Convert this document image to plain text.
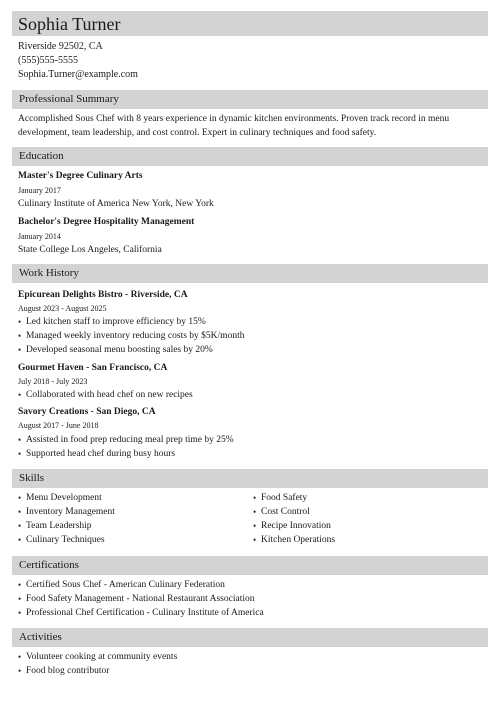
Sophia Turner
Riverside 92502, CA
(555)555-5555
Sophia.Turner@example.com
Professional Summary
Accomplished Sous Chef with 8 years experience in dynamic kitchen environments. Proven track record in menu development, team leadership, and cost control. Expert in culinary techniques and food safety.
Education
Master's Degree Culinary Arts
January 2017
Culinary Institute of America New York, New York
Bachelor's Degree Hospitality Management
January 2014
State College Los Angeles, California
Work History
Epicurean Delights Bistro - Riverside, CA
August 2023 - August 2025
• Led kitchen staff to improve efficiency by 15%
• Managed weekly inventory reducing costs by $5K/month
• Developed seasonal menu boosting sales by 20%
Gourmet Haven - San Francisco, CA
July 2018 - July 2023
• Collaborated with head chef on new recipes
Savory Creations - San Diego, CA
August 2017 - June 2018
• Assisted in food prep reducing meal prep time by 25%
• Supported head chef during busy hours
Skills
• Menu Development
• Inventory Management
• Team Leadership
• Culinary Techniques
• Food Safety
• Cost Control
• Recipe Innovation
• Kitchen Operations
Certifications
• Certified Sous Chef - American Culinary Federation
• Food Safety Management - National Restaurant Association
• Professional Chef Certification - Culinary Institute of America
Activities
• Volunteer cooking at community events
• Food blog contributor
